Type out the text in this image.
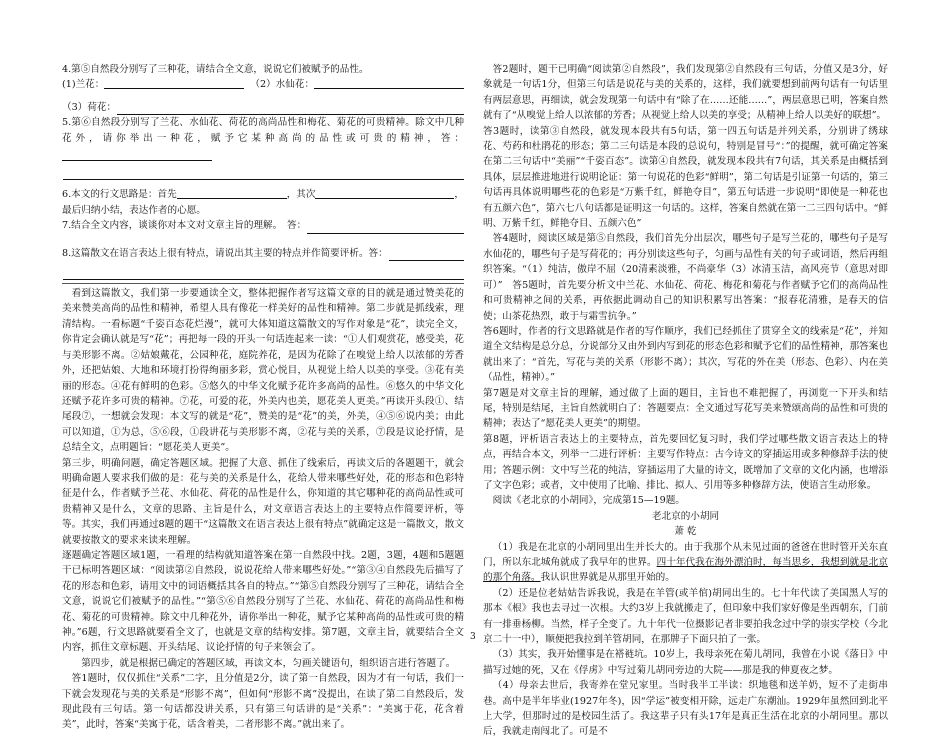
4.第⑤自然段分别写了三种花，请结合全文意，说说它们被赋予的品性。

(1)兰花：	（2）水仙花：
（3）荷花：

5.第⑥自然段分别写了兰花、水仙花、荷花的高尚品性和梅花、菊花的可贵精神。除文中几种花外，请你举出一种花，赋予它某种高尚的品性或可贵的精神，答：

6.本文的行文思路是：首先	，其次	，

最后归纳小结，表达作者的心愿。

7.结合全文内容，谈谈你对本文对文章主旨的理解。　答：
8.这篇散文在语言表达上很有特点，请说出其主要的特点并作简要评析。答：

看到这篇散文，我们第一步要通读全文，整体把握作者写这篇文章的目的就是通过赞美花的美来赞美高尚的品性和精神，希望人具有像花一样美好的品性和精神。第二步就是抓线索，理清结构。一看标题“千姿百态花烂漫”，就可大体知道这篇散文的写作对象是“花”，读完全文，你肯定会确认就是写“花”；再把每一段的开头一句话连起来一读：“①人们观赏花，感受美，花与美形影不离。②姑娘戴花，公园种花，庭院养花，是因为花除了在嗅觉上给人以浓郁的芳香外，还把姑娘、大地和环境打扮得绚丽多彩，赏心悦目，从视觉上给人以美的享受。③花有美丽的形态。④花有鲜明的色彩。⑤悠久的中华文化赋予花许多高尚的品性。⑥悠久的中华文化还赋予花许多可贵的精神。⑦花，可爱的花，外美内也美，愿花美人更美。”再读开头段①、结尾段⑦，一想就会发现：本文写的就是“花”，赞美的是“花”的美，外美，④⑤⑥说内美；由此可以知道，①为总，⑤⑥段，①段讲花与美形影不离，②花与美的关系，⑦段是议论抒情，是总结全文，点明题旨：“愿花美人更美”。

第三步，明确问题，确定答题区域。把握了大意、抓住了线索后，再读文后的各题题干，就会明确命题人要求我们做的是：花与美的关系是什么，花给人带来哪些好处，花的形态和色彩特征是什么，作者赋予兰花、水仙花、荷花的品性是什么，你知道的其它哪种花的高尚品性或可贵精神又是什么，文章的思路、主旨是什么，对文章语言表达上的主要特点作简要评析，等等。其实，我们再通过8题的题干“这篇散文在语言表达上很有特点”就确定这是一篇散文，散文就要按散文的要求来读来理解。

逐题确定答题区域1题，一看理的结构就知道答案在第一自然段中找。2题，3题，4题和5题题干已标明答题区域：“阅读第②自然段，说说花给人带来哪些好处。”“第③④自然段先后描写了花的形态和色彩，请用文中的词语概括其各自的特点。”“第⑤自然段分别写了三种花，请结合全文意，说说它们被赋予的品性。”“第⑤⑥自然段分别写了兰花、水仙花、荷花的高尚品性和梅花、菊花的可贵精神。除文中几种花外，请你举出一种花，赋予它某种高尚的品性或可贵的精神。”6题，行文思路就要看全文了，也就是文章的结构安排。第7题，文章主旨，就要结合全文内容，抓住文章标题、开头结尾、议论抒情的句子来领会了。

第四步，就是根据已确定的答题区域，再读文本，匀画关键语句，组织语言进行答题了。

答1题时，仅仅抓住“关系”二字，且分值是2分，读了第一自然段，因为才有一句话，我们一下就会发现花与美的关系是“形影不离”，但如何“形影不离”没提出，在读了第二自然段后，发现此段有三句话。第一句话都没讲关系，只有第三句话讲的是“关系”：“美寓于花，花含着美”，此时，答案“美寓于花，话含着美，二者形影不离。”就出来了。

答2题时，题干已明确“阅读第②自然段”，我们发现第②自然段有三句话，分值又是3分，好象就是一句话1分，但第三句话是说花与美的关系的，这样，我们就要想到前两句话有一句话里有两层意思，再细读，就会发现第一句话中有“除了在……还能……”，两层意思已明，答案自然就有了“从嗅觉上给人以浓郁的芳香；从视觉上给人以美的享受；从精神上给人以美好的联想”。

答3题时，读第③自然段，就发现本段共有5句话，第一四五句话是并列关系，分别讲了绣球花、芍药和杜鹃花的形态；第二三句话是本段的总说句，特别是冒号“：”的提醒，就可确定答案在第二三句话中“美丽”“千姿百态”。读第④自然段，就发现本段共有7句话，其关系是由概括到具体，层层推进地进行说明论证：第一句说花的色彩“鲜明”，第二句话是引证第一句话的，第三句话再具体说明哪些花的色彩是“万紫千红，鲜艳夺目”，第五句话进一步说明“即使是一种花也有五颜六色”，第六七八句话都是证明这一句话的。这样，答案自然就在第一二三四句话中。“鲜明、万紫千红，鲜艳夺目、五颜六色”

答4题时，阅读区域是第⑤自然段，我们首先分出层次，哪些句子是写兰花的，哪些句子是写水仙花的，哪些句子是写荷花的；再分别读这些句子，匀画与品性有关的句子或词语，然后再组织答案。“（1）纯洁，傲岸不屈（20清素淡雅，不尚豪华（3）冰清玉洁，高风亮节（意思对即可）”　答5题时，首先要分析文中兰花、水仙花、荷花、梅花和菊花与作者赋予它们的高尚品性和可贵精神之间的关系，再依据此调动自己的知识积累写出答案：“报春花清雅，是春天的信使；山茶花热烈，敢于与霜雪抗争。”

答6题时，作者的行文思路就是作者的写作顺序，我们已经抓住了贯穿全文的线索是“花”，并知道全文结构是总分总，分说部分又由外到内写到花的形态色彩和赋予它们的品性精神，那答案也就出来了：“首先，写花与美的关系（形影不离）；其次，写花的外在美（形态、色彩）、内在美（品性，精神）。”

第7题是对文章主旨的理解，通过做了上面的题目，主旨也不难把握了，再浏览一下开头和结尾，特别是结尾，主旨自然就明白了：答题要点：全文通过写花写美来赞颂高尚的品性和可贵的精神；表达了“愿花美人更美”的期望。

第8题，评析语言表达上的主要特点，首先要回忆复习时，我们学过哪些散文语言表达上的特点，再结合本文，列举一二进行评析：主要写作特点：古今诗文的穿插运用或多种修辞手法的使用；答题示例：文中写兰花的纯洁，穿插运用了大量的诗文，既增加了文章的文化内涵，也增添了文字色彩；或者，文中使用了比喻、排比、拟人、引用等多种修辞方法，使语言生动形象。

阅读《老北京的小胡同》，完成第15—19题。

老北京的小胡同

萧 乾

（1）我是在北京的小胡同里出生并长大的。由于我那个从未见过面的爸爸在世时管开关东直门，所以东北城角就成了我早年的世界。四十年代我在海外漂泊时，每当思乡，我想到就是北京的那个角落。我认识世界就是从那里开始的。

（2）还是位老姑姑告诉我说，我是在羊管(或羊倌)胡同出生的。七十年代读了美国黑人写的那本《根》我也去寻过一次根。大约3岁上我就搬走了，但印象中我们家好像是坐西朝东，门前有一排垂杨柳。当然，样子全变了。九十年代一位摄影记者非要拍我念过中学的崇实学校（今北京二十一中），顺便把我拉到羊管胡同，在那牌子下面只拍了一张。

（3）其实，我开始懂事是在褡裢坑。10岁上，我母亲死在菊儿胡同，我曾在小说《落日》中描写过她的死，又在《俘虏》中写过菊儿胡同旁边的大院——那是我的伸夏夜之梦。

（4）母亲去世后，我寄养在堂兄家里。当时我半工半读：织地毯和送羊奶，短不了走街串巷。高中是半年毕业(1927年冬)，因“学运”被变相开除，远走广东潮汕。1929年虽然回到北平上大学，但那时过的是校园生活了。我这辈子只有头17年是真正生活在北京的小胡同里。那以后，我就走南闯北了。可是不

3
